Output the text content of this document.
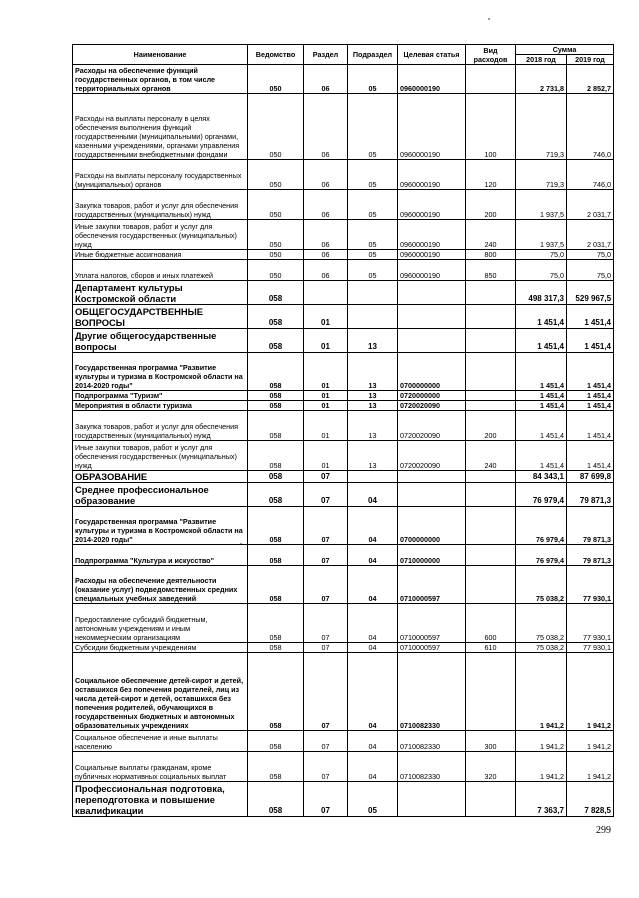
Наименование	Ведомство	Раздел	Подраздел	Целевая статья	Вид расходов	Сумма	
						2018 год	2019 год
Расходы на обеспечение функций государственных органов, в том числе территориальных органов	050	06	05	0960000190		2 731,8	2 852,7
Расходы на выплаты персоналу в целях обеспечения выполнения функций государственными (муниципальными) органами, казенными учреждениями, органами управления государственными внебюджетными фондами	050	06	05	0960000190	100	719,3	746,0
Расходы на выплаты персоналу государственных (муниципальных) органов	050	06	05	0960000190	120	719,3	746,0
Закупка товаров, работ и услуг для обеспечения государственных (муниципальных) нужд	050	06	05	0960000190	200	1 937,5	2 031,7
Иные закупки товаров, работ и услуг для обеспечения государственных (муниципальных) нужд	050	06	05	0960000190	240	1 937,5	2 031,7
Иные бюджетные ассигнования	050	06	05	0960000190	800	75,0	75,0
Уплата налогов, сборов и иных платежей	050	06	05	0960000190	850	75,0	75,0
Департамент культуры Костромской области	058					498 317,3	529 967,5
ОБЩЕГОСУДАРСТВЕННЫЕ ВОПРОСЫ	058	01				1 451,4	1 451,4
Другие общегосударственные вопросы	058	01	13			1 451,4	1 451,4
Государственная программа "Развитие культуры и туризма в Костромской области на 2014-2020 годы"	058	01	13	0700000000		1 451,4	1 451,4
Подпрограмма "Туризм"	058	01	13	0720000000		1 451,4	1 451,4
Мероприятия в области туризма	058	01	13	0720020090		1 451,4	1 451,4
Закупка товаров, работ и услуг для обеспечения государственных (муниципальных) нужд	058	01	13	0720020090	200	1 451,4	1 451,4
Иные закупки товаров, работ и услуг для обеспечения государственных (муниципальных) нужд	058	01	13	0720020090	240	1 451,4	1 451,4
ОБРАЗОВАНИЕ	058	07				84 343,1	87 699,8
Среднее профессиональное образование	058	07	04			76 979,4	79 871,3
Государственная программа "Развитие культуры и туризма в Костромской области на 2014-2020 годы"	058	07	04	0700000000		76 979,4	79 871,3
Подпрограмма "Культура и искусство"	058	07	04	0710000000		76 979,4	79 871,3
Расходы на обеспечение деятельности (оказание услуг) подведомственных средних специальных учебных заведений	058	07	04	0710000597		75 038,2	77 930,1
Предоставление субсидий бюджетным, автономным учреждениям и иным некоммерческим организациям	058	07	04	0710000597	600	75 038,2	77 930,1
Субсидии бюджетным учреждениям	058	07	04	0710000597	610	75 038,2	77 930,1
Социальное обеспечение детей-сирот и детей, оставшихся без попечения родителей, лиц из числа детей-сирот и детей, оставшихся без попечения родителей, обучающихся в государственных бюджетных и автономных образовательных учреждениях	058	07	04	0710082330		1 941,2	1 941,2
Социальное обеспечение и иные выплаты населению	058	07	04	0710082330	300	1 941,2	1 941,2
Социальные выплаты гражданам, кроме публичных нормативных социальных выплат	058	07	04	0710082330	320	1 941,2	1 941,2
Профессиональная подготовка, переподготовка и повышение квалификации	058	07	05			7 363,7	7 828,5
299
